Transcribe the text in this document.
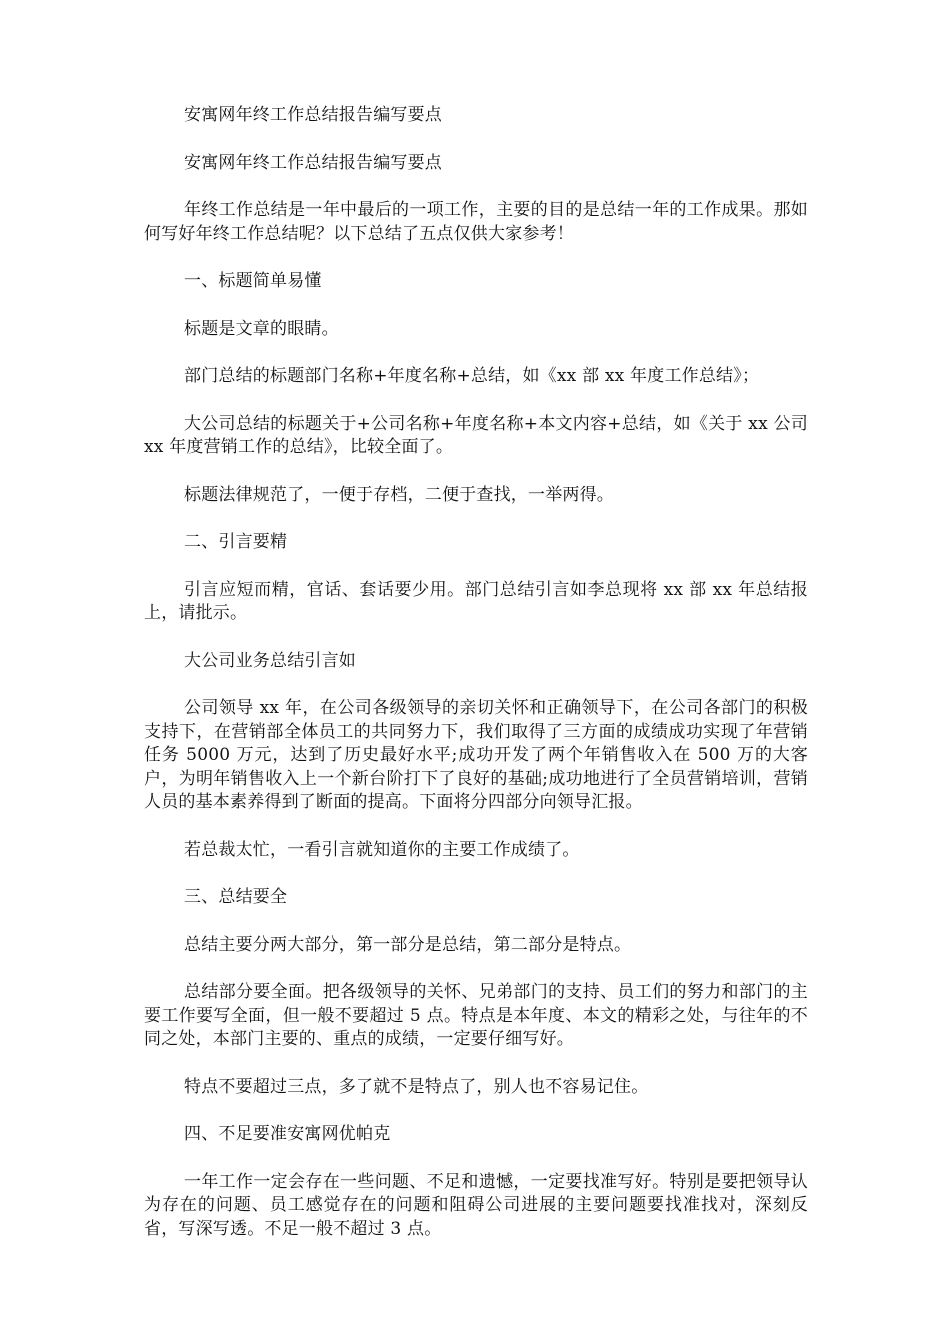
安寓网年终工作总结报告编写要点

安寓网年终工作总结报告编写要点

年终工作总结是一年中最后的一项工作，主要的目的是总结一年的工作成果。那如何写好年终工作总结呢？以下总结了五点仅供大家参考！

一、标题简单易懂

标题是文章的眼睛。

部门总结的标题部门名称+年度名称+总结，如《xx 部 xx 年度工作总结》；

大公司总结的标题关于+公司名称+年度名称+本文内容+总结，如《关于 xx 公司 xx 年度营销工作的总结》，比较全面了。

标题法律规范了，一便于存档，二便于查找，一举两得。

二、引言要精

引言应短而精，官话、套话要少用。部门总结引言如李总现将 xx 部 xx 年总结报上，请批示。

大公司业务总结引言如

公司领导 xx 年，在公司各级领导的亲切关怀和正确领导下，在公司各部门的积极支持下，在营销部全体员工的共同努力下，我们取得了三方面的成绩成功实现了年营销任务 5000 万元，达到了历史最好水平;成功开发了两个年销售收入在 500 万的大客户，为明年销售收入上一个新台阶打下了良好的基础;成功地进行了全员营销培训，营销人员的基本素养得到了断面的提高。下面将分四部分向领导汇报。

若总裁太忙，一看引言就知道你的主要工作成绩了。

三、总结要全

总结主要分两大部分，第一部分是总结，第二部分是特点。

总结部分要全面。把各级领导的关怀、兄弟部门的支持、员工们的努力和部门的主要工作要写全面，但一般不要超过 5 点。特点是本年度、本文的精彩之处，与往年的不同之处，本部门主要的、重点的成绩，一定要仔细写好。

特点不要超过三点，多了就不是特点了，别人也不容易记住。

四、不足要准安寓网优帕克

一年工作一定会存在一些问题、不足和遗憾，一定要找准写好。特别是要把领导认为存在的问题、员工感觉存在的问题和阻碍公司进展的主要问题要找准找对，深刻反省，写深写透。不足一般不超过 3 点。
